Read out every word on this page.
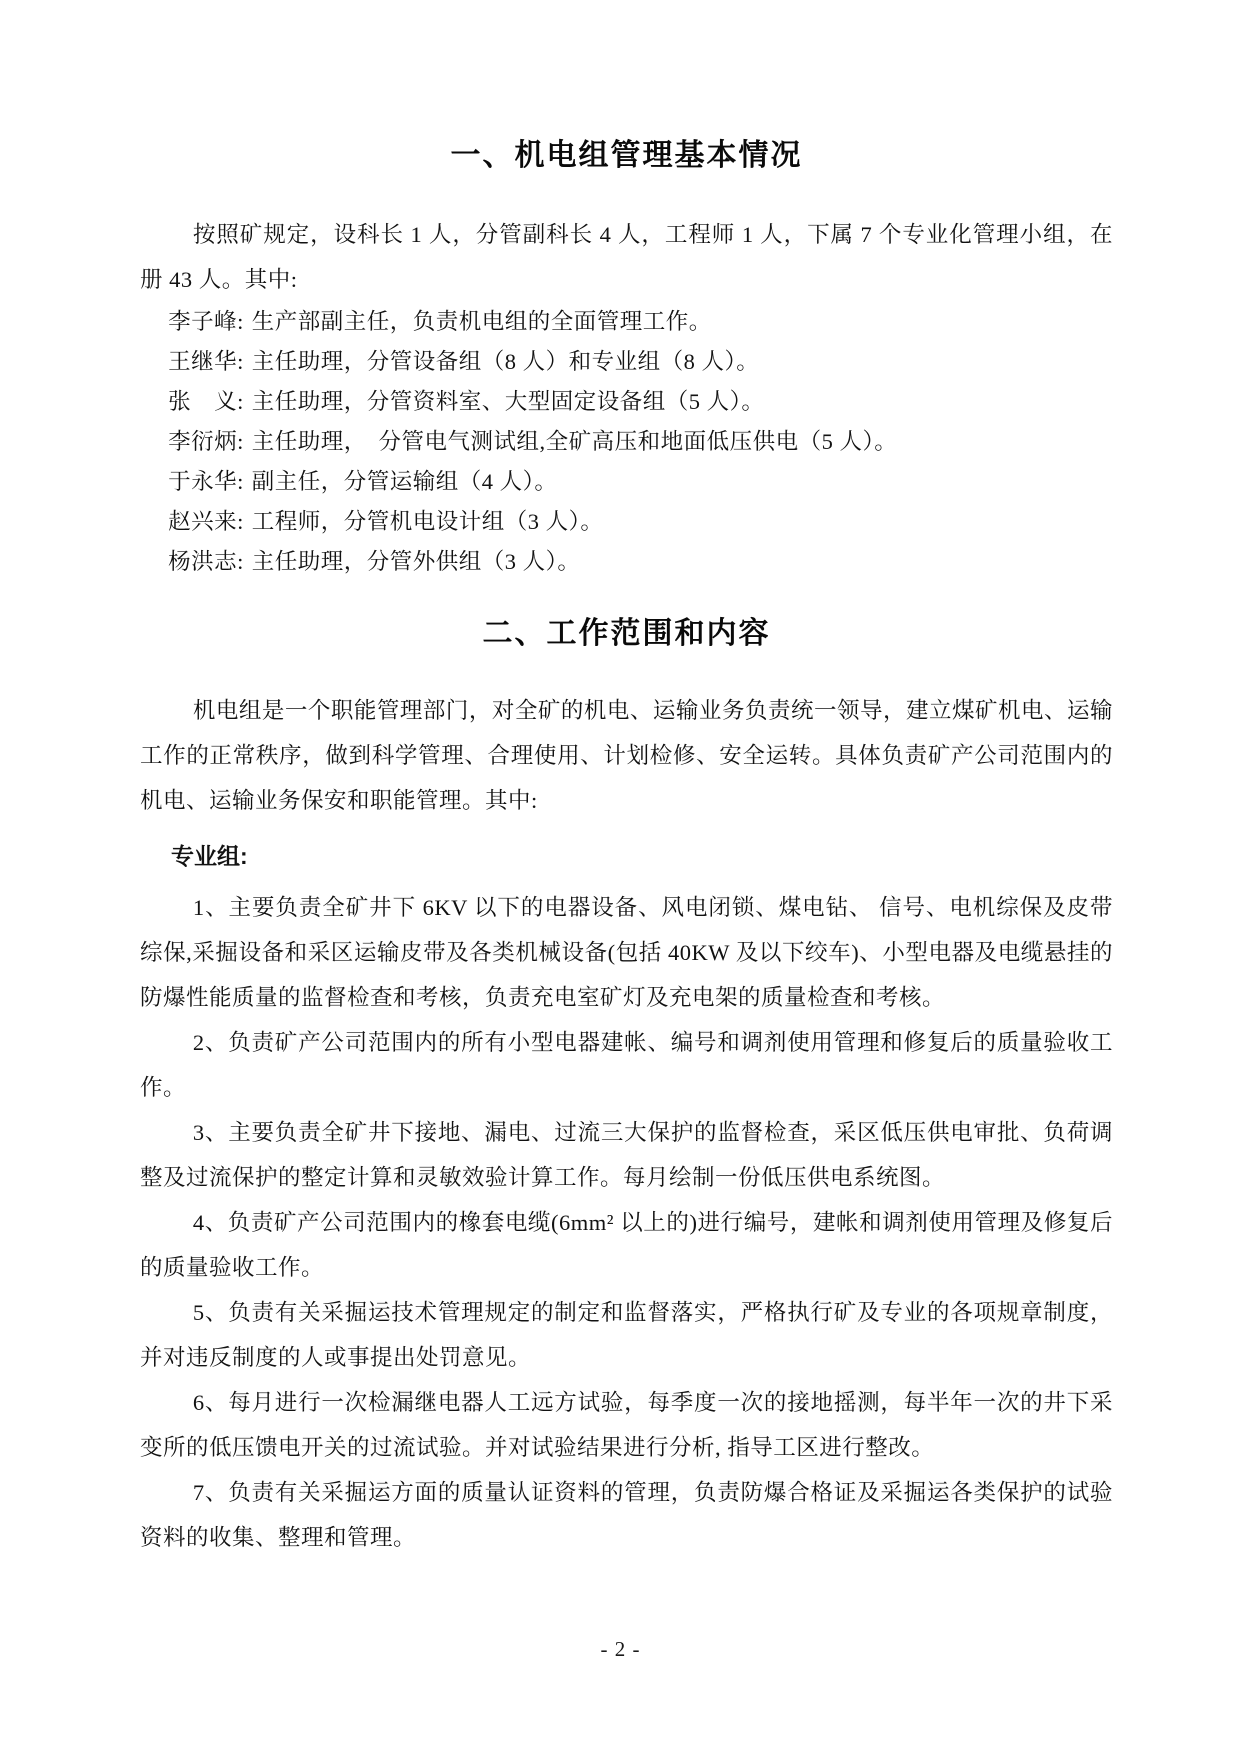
一、机电组管理基本情况

按照矿规定，设科长 1 人，分管副科长 4 人，工程师 1 人，下属 7 个专业化管理小组，在册 43 人。其中:

李子峰: 生产部副主任，负责机电组的全面管理工作。

王继华: 主任助理，分管设备组（8 人）和专业组（8 人）。

张　义: 主任助理，分管资料室、大型固定设备组（5 人）。

李衍炳: 主任助理，　分管电气测试组,全矿高压和地面低压供电（5 人）。

于永华: 副主任，分管运输组（4 人）。

赵兴来: 工程师，分管机电设计组（3 人）。

杨洪志: 主任助理，分管外供组（3 人）。

二、工作范围和内容

机电组是一个职能管理部门，对全矿的机电、运输业务负责统一领导，建立煤矿机电、运输工作的正常秩序，做到科学管理、合理使用、计划检修、安全运转。具体负责矿产公司范围内的机电、运输业务保安和职能管理。其中:

专业组:

1、主要负责全矿井下 6KV 以下的电器设备、风电闭锁、煤电钻、 信号、电机综保及皮带综保,采掘设备和采区运输皮带及各类机械设备(包括 40KW 及以下绞车)、小型电器及电缆悬挂的防爆性能质量的监督检查和考核，负责充电室矿灯及充电架的质量检查和考核。

2、负责矿产公司范围内的所有小型电器建帐、编号和调剂使用管理和修复后的质量验收工作。

3、主要负责全矿井下接地、漏电、过流三大保护的监督检查，采区低压供电审批、负荷调整及过流保护的整定计算和灵敏效验计算工作。每月绘制一份低压供电系统图。

4、负责矿产公司范围内的橡套电缆(6mm² 以上的)进行编号，建帐和调剂使用管理及修复后的质量验收工作。

5、负责有关采掘运技术管理规定的制定和监督落实，严格执行矿及专业的各项规章制度，并对违反制度的人或事提出处罚意见。

6、每月进行一次检漏继电器人工远方试验，每季度一次的接地摇测，每半年一次的井下采变所的低压馈电开关的过流试验。并对试验结果进行分析, 指导工区进行整改。

7、负责有关采掘运方面的质量认证资料的管理，负责防爆合格证及采掘运各类保护的试验资料的收集、整理和管理。

- 2 -
